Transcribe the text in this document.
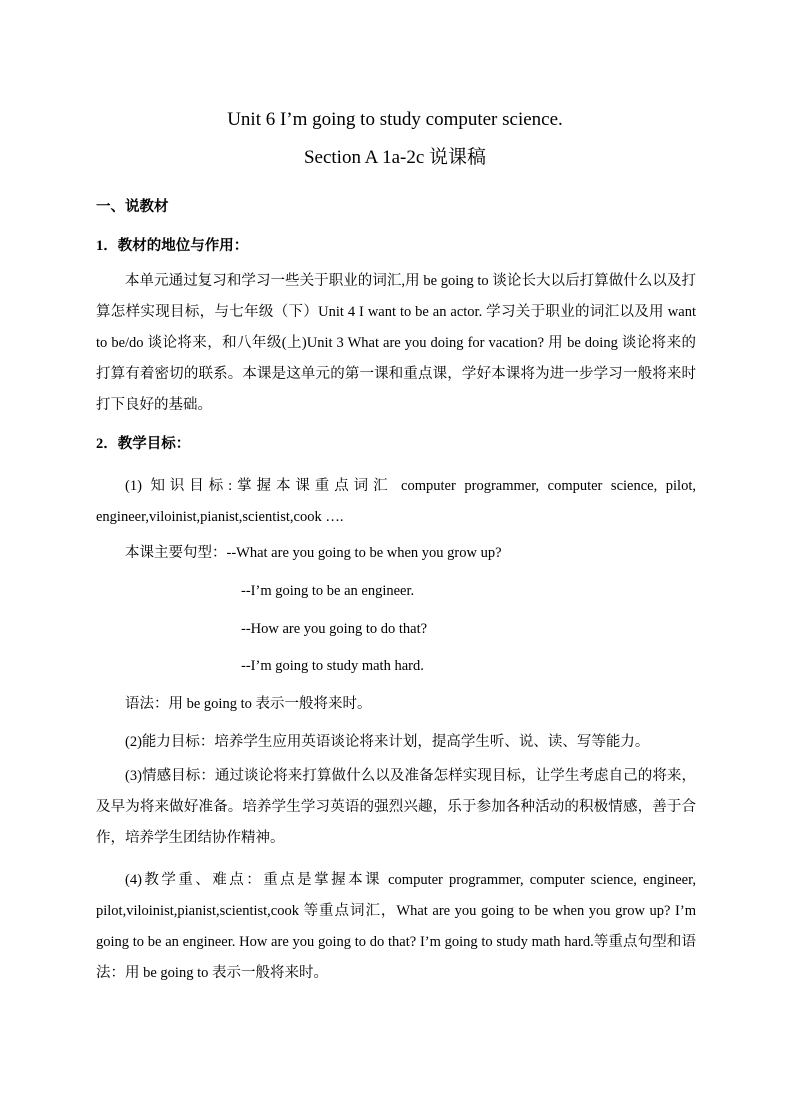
Unit 6 I’m going to study computer science.
Section A 1a-2c 说课稿
一、说教材
1．教材的地位与作用：

本单元通过复习和学习一些关于职业的词汇,用 be going to 谈论长大以后打算做什么以及打算怎样实现目标，与七年级（下）Unit 4 I want to be an actor. 学习关于职业的词汇以及用 want to be/do 谈论将来，和八年级(上)Unit 3 What are you doing for vacation? 用 be doing 谈论将来的打算有着密切的联系。本课是这单元的第一课和重点课，学好本课将为进一步学习一般将来时打下良好的基础。

2．教学目标：

(1) 知识目标:掌握本课重点词汇 computer programmer, computer science, pilot, engineer,viloinist,pianist,scientist,cook ….

本课主要句型：--What are you going to be when you grow up?
--I’m going to be an engineer.
--How are you going to do that?
--I’m going to study math hard.
语法：用 be going to 表示一般将来时。
(2)能力目标：培养学生应用英语谈论将来计划，提高学生听、说、读、写等能力。

(3)情感目标：通过谈论将来打算做什么以及准备怎样实现目标，让学生考虑自己的将来，及早为将来做好准备。培养学生学习英语的强烈兴趣，乐于参加各种活动的积极情感，善于合作，培养学生团结协作精神。

(4)教学重、难点：重点是掌握本课 computer programmer, computer science, engineer, pilot,viloinist,pianist,scientist,cook 等重点词汇，What are you going to be when you grow up? I’m going to be an engineer. How are you going to do that? I’m going to study math hard.等重点句型和语法：用 be going to 表示一般将来时。
